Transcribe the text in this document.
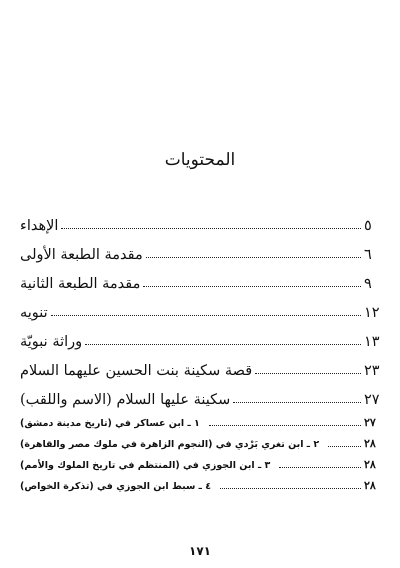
المحتويات
الإهداء	٥
مقدمة الطبعة الأولى	٦
مقدمة الطبعة الثانية	٩
تنويه	١٢
وراثة نبويّة	١٣
قصة سكينة بنت الحسين عليهما السلام	٢٣
سكينة عليها السلام (الاسم واللقب)	٢٧
١ ـ ابن عساكر في (تاريخ مدينة دمشق)	٢٧
٢ ـ ابن تغري بَرْدي في (النجوم الزاهرة في ملوك مصر والقاهرة)	٢٨
٣ ـ ابن الجوزي في (المنتظم في تاريخ الملوك والأمم)	٢٨
٤ ـ سبط ابن الجوزي في (تذكرة الخواص)	٢٨
١٧١
